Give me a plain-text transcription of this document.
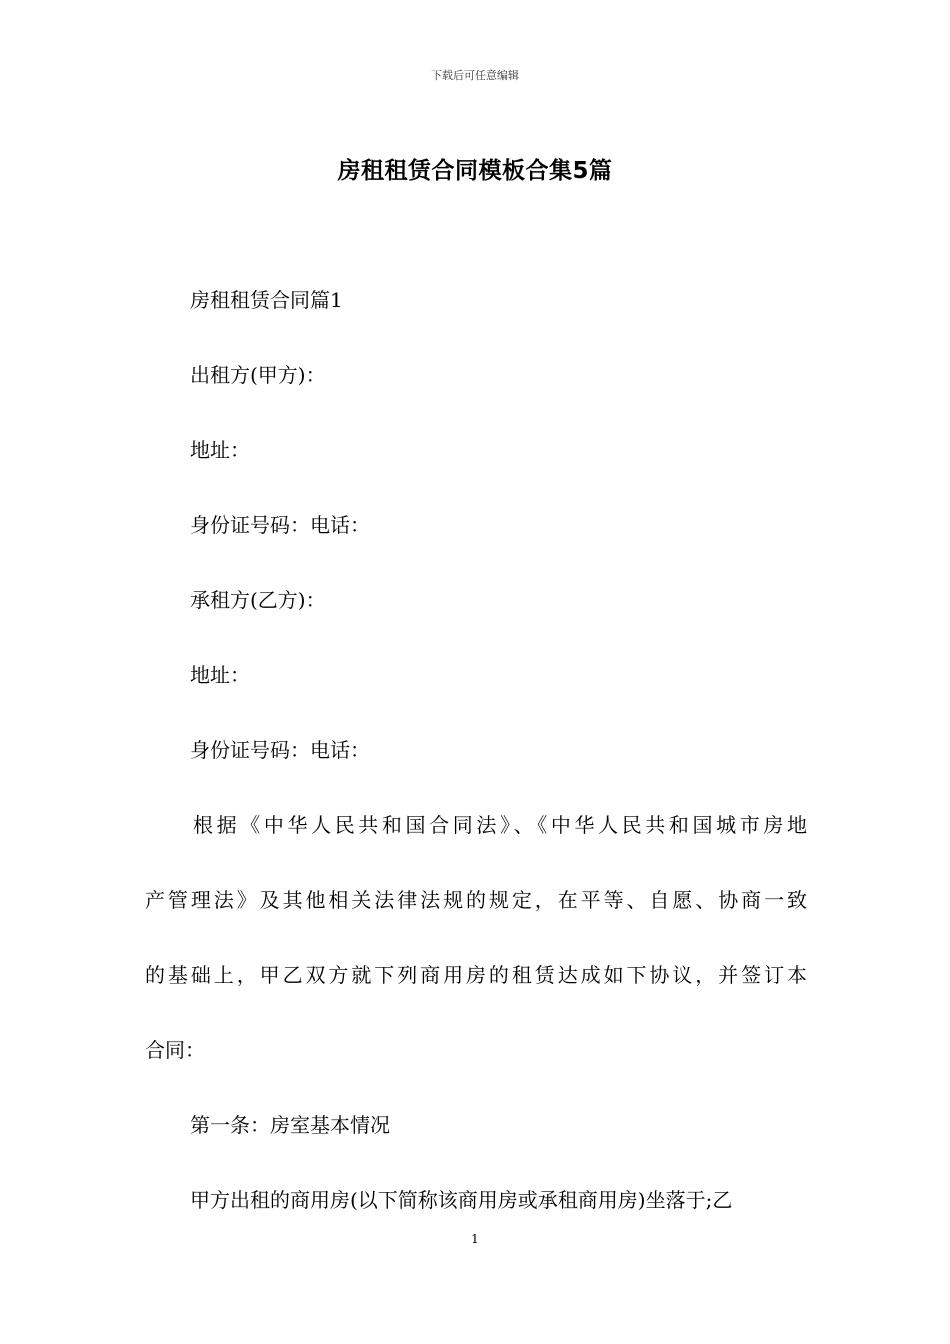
下载后可任意编辑
房租租赁合同模板合集5篇
房租租赁合同篇1
出租方(甲方)：
地址：
身份证号码：电话：
承租方(乙方)：
地址：
身份证号码：电话：
根据《中华人民共和国合同法》、《中华人民共和国城市房地
产管理法》及其他相关法律法规的规定，在平等、自愿、协商一致
的基础上，甲乙双方就下列商用房的租赁达成如下协议，并签订本
合同：
第一条：房室基本情况
甲方出租的商用房(以下简称该商用房或承租商用房)坐落于;乙
1
